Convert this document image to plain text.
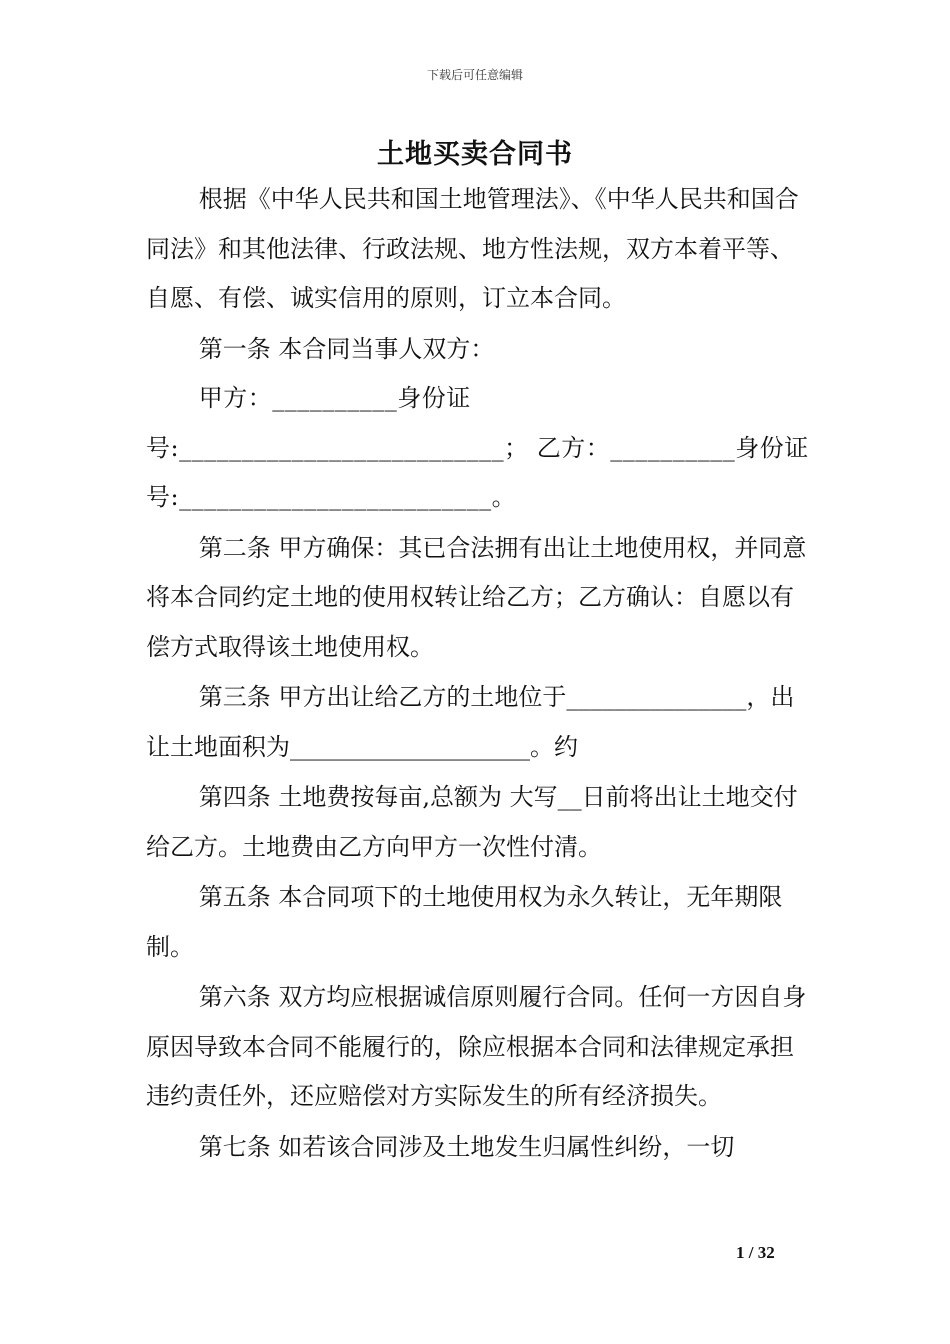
下载后可任意编辑
土地买卖合同书

根据《中华人民共和国土地管理法》、《中华人民共和国合同法》和其他法律、行政法规、地方性法规，双方本着平等、自愿、有偿、诚实信用的原则，订立本合同。

第一条 本合同当事人双方：

甲方：__________身份证号:__________________________； 乙方：__________身份证号:_________________________。

第二条 甲方确保：其已合法拥有出让土地使用权，并同意将本合同约定土地的使用权转让给乙方；乙方确认：自愿以有偿方式取得该土地使用权。

第三条 甲方出让给乙方的土地位于_______________，出让土地面积为____________________。约

第四条 土地费按每亩,总额为 大写__日前将出让土地交付给乙方。土地费由乙方向甲方一次性付清。

第五条 本合同项下的土地使用权为永久转让，无年期限制。

第六条 双方均应根据诚信原则履行合同。任何一方因自身原因导致本合同不能履行的，除应根据本合同和法律规定承担违约责任外，还应赔偿对方实际发生的所有经济损失。

第七条 如若该合同涉及土地发生归属性纠纷，一切

1 / 32
